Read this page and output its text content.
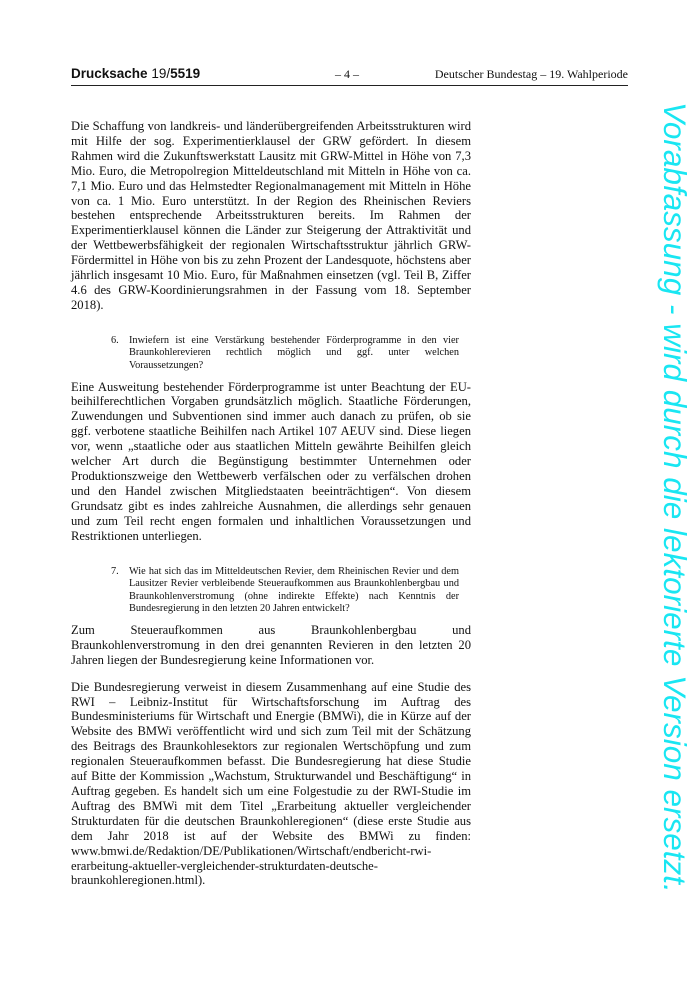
Drucksache 19/5519	– 4 –	Deutscher Bundestag – 19. Wahlperiode

Die Schaffung von landkreis- und länderübergreifenden Arbeitsstrukturen wird mit Hilfe der sog. Experimentierklausel der GRW gefördert. In diesem Rahmen wird die Zukunftswerkstatt Lausitz mit GRW-Mittel in Höhe von 7,3 Mio. Euro, die Metropolregion Mitteldeutschland mit Mitteln in Höhe von ca. 7,1 Mio. Euro und das Helmstedter Regionalmanagement mit Mitteln in Höhe von ca. 1 Mio. Euro unterstützt. In der Region des Rheinischen Reviers bestehen entsprechende Arbeitsstrukturen bereits. Im Rahmen der Experimentierklausel können die Länder zur Steigerung der Attraktivität und der Wettbewerbsfähigkeit der regionalen Wirtschaftsstruktur jährlich GRW-Fördermittel in Höhe von bis zu zehn Prozent der Landesquote, höchstens aber jährlich insgesamt 10 Mio. Euro, für Maßnahmen einsetzen (vgl. Teil B, Ziffer 4.6 des GRW-Koordinierungsrahmen in der Fassung vom 18. September 2018).

6. Inwiefern ist eine Verstärkung bestehender Förderprogramme in den vier Braunkohlerevieren rechtlich möglich und ggf. unter welchen Voraussetzungen?

Eine Ausweitung bestehender Förderprogramme ist unter Beachtung der EU-beihilferechtlichen Vorgaben grundsätzlich möglich. Staatliche Förderungen, Zuwendungen und Subventionen sind immer auch danach zu prüfen, ob sie ggf. verbotene staatliche Beihilfen nach Artikel 107 AEUV sind. Diese liegen vor, wenn „staatliche oder aus staatlichen Mitteln gewährte Beihilfen gleich welcher Art durch die Begünstigung bestimmter Unternehmen oder Produktionszweige den Wettbewerb verfälschen oder zu verfälschen drohen und den Handel zwischen Mitgliedstaaten beeinträchtigen“. Von diesem Grundsatz gibt es indes zahlreiche Ausnahmen, die allerdings sehr genauen und zum Teil recht engen formalen und inhaltlichen Voraussetzungen und Restriktionen unterliegen.

7. Wie hat sich das im Mitteldeutschen Revier, dem Rheinischen Revier und dem Lausitzer Revier verbleibende Steueraufkommen aus Braunkohlenbergbau und Braunkohlenverstromung (ohne indirekte Effekte) nach Kenntnis der Bundesregierung in den letzten 20 Jahren entwickelt?

Zum Steueraufkommen aus Braunkohlenbergbau und Braunkohlenverstromung in den drei genannten Revieren in den letzten 20 Jahren liegen der Bundesregierung keine Informationen vor.

Die Bundesregierung verweist in diesem Zusammenhang auf eine Studie des RWI – Leibniz-Institut für Wirtschaftsforschung im Auftrag des Bundesministeriums für Wirtschaft und Energie (BMWi), die in Kürze auf der Website des BMWi veröffentlicht wird und sich zum Teil mit der Schätzung des Beitrags des Braunkohlesektors zur regionalen Wertschöpfung und zum regionalen Steueraufkommen befasst. Die Bundesregierung hat diese Studie auf Bitte der Kommission „Wachstum, Strukturwandel und Beschäftigung“ in Auftrag gegeben. Es handelt sich um eine Folgestudie zu der RWI-Studie im Auftrag des BMWi mit dem Titel „Erarbeitung aktueller vergleichender Strukturdaten für die deutschen Braunkohleregionen“ (diese erste Studie aus dem Jahr 2018 ist auf der Website des BMWi zu finden: www.bmwi.de/Redaktion/DE/Publikationen/Wirtschaft/endbericht-rwi-erarbeitung-aktueller-vergleichender-strukturdaten-deutsche-braunkohleregionen.html).	Vorabfassung - wird durch die lektorierte Version ersetzt.
